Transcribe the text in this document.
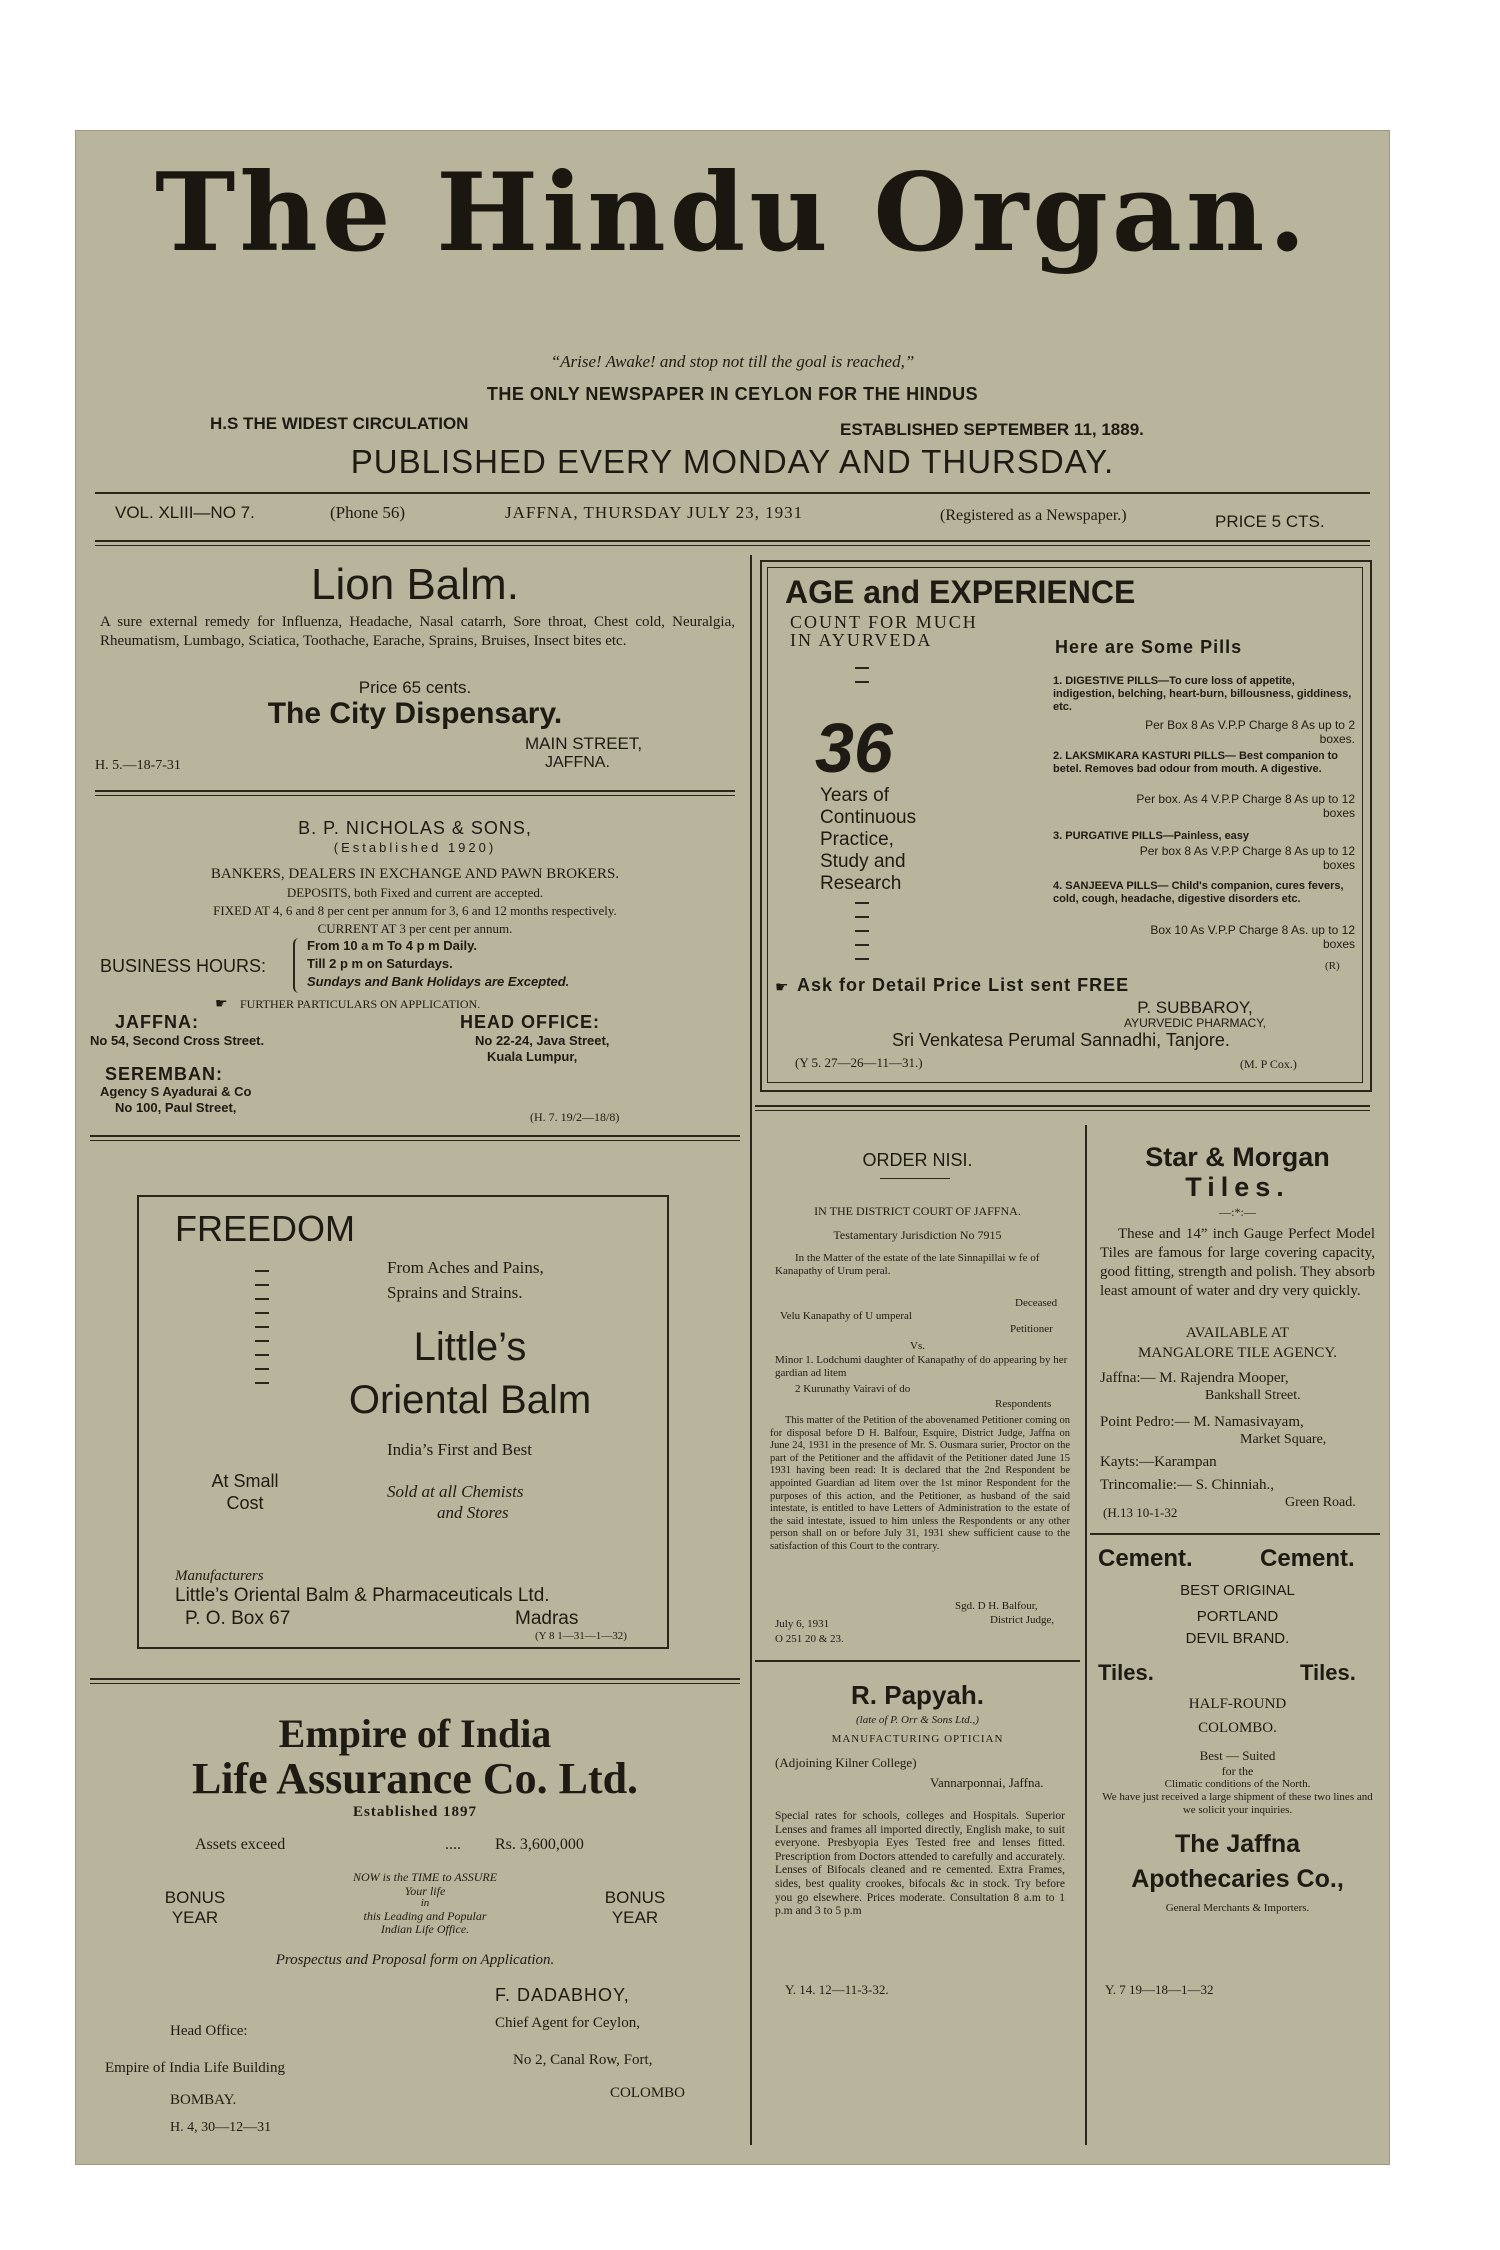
The Hindu Organ.
“Arise! Awake! and stop not till the goal is reached,”
THE ONLY NEWSPAPER IN CEYLON FOR THE HINDUS
H.S THE WIDEST CIRCULATION	ESTABLISHED SEPTEMBER 11, 1889.
PUBLISHED EVERY MONDAY AND THURSDAY.
VOL. XLIII—NO 7.	(Phone 56)	JAFFNA, THURSDAY JULY 23, 1931	(Registered as a Newspaper.)	PRICE 5 CTS.
Lion Balm.
A sure external remedy for Influenza, Headache, Nasal catarrh, Sore throat, Chest cold, Neuralgia, Rheumatism, Lumbago, Sciatica, Toothache, Earache, Sprains, Bruises, Insect bites etc.
Price 65 cents.
The City Dispensary.
MAIN STREET,
JAFFNA.
H. 5.—18-7-31
B. P. NICHOLAS & SONS,
(Established 1920)
BANKERS, DEALERS IN EXCHANGE AND PAWN BROKERS.
DEPOSITS, both Fixed and current are accepted.
FIXED AT 4, 6 and 8 per cent per annum for 3, 6 and 12 months respectively.
CURRENT AT 3 per cent per annum.
BUSINESS HOURS:
From 10 a m To 4 p m Daily.
Till 2 p m on Saturdays.
Sundays and Bank Holidays are Excepted.
☛ FURTHER PARTICULARS ON APPLICATION.
JAFFNA:
No 54, Second Cross Street.
HEAD OFFICE:
No 22-24, Java Street,
Kuala Lumpur,
SEREMBAN:
Agency S Ayadurai & Co
No 100, Paul Street,
(H. 7. 19/2—18/8)
AGE and EXPERIENCE
COUNT FOR MUCH
IN AYURVEDA
36
Years of Continuous Practice, Study and Research
Here are Some Pills
1. DIGESTIVE PILLS—To cure loss of appetite, indigestion, belching, heart-burn, billousness, giddiness, etc.
Per Box 8 As V.P.P Charge 8 As up to 2 boxes.
2. LAKSMIKARA KASTURI PILLS— Best companion to betel. Removes bad odour from mouth. A digestive.
Per box. As 4 V.P.P Charge 8 As up to 12 boxes
3. PURGATIVE PILLS—Painless, easy
Per box 8 As V.P.P Charge 8 As up to 12 boxes
4. SANJEEVA PILLS— Child's companion, cures fevers, cold, cough, headache, digestive disorders etc.
Box 10 As V.P.P Charge 8 As. up to 12 boxes
(R)
☛ Ask for Detail Price List sent FREE
P. SUBBAROY,
AYURVEDIC PHARMACY,
Sri Venkatesa Perumal Sannadhi, Tanjore.
(Y 5. 27—26—11—31.)	(M. P Cox.)
FREEDOM
From Aches and Pains,
Sprains and Strains.
Little’s
Oriental Balm
India’s First and Best
At Small Cost
Sold at all Chemists
and Stores
Manufacturers
Little’s Oriental Balm & Pharmaceuticals Ltd.
P. O. Box 67	Madras
(Y 8 1—31—1—32)
Empire of India
Life Assurance Co. Ltd.
Established 1897
Assets exceed	.... Rs. 3,600,000
BONUS
YEAR
BONUS
YEAR
NOW is the TIME to ASSURE
Your life
in
this Leading and Popular
Indian Life Office.
Prospectus and Proposal form on Application.
F. DADABHOY,
Chief Agent for Ceylon,
Head Office:
Empire of India Life Building	No 2, Canal Row, Fort,
BOMBAY.	COLOMBO
H. 4, 30—12—31
ORDER NISI.
IN THE DISTRICT COURT OF JAFFNA.
Testamentary Jurisdiction No 7915
In the Matter of the estate of the late Sinnapillai w fe of Kanapathy of Urum peral.
Deceased
Velu Kanapathy of U umperal
Petitioner
Vs.
Minor 1. Lodchumi daughter of Kanapathy of do appearing by her gardian ad litem
2 Kurunathy Vairavi of do
Respondents
This matter of the Petition of the abovenamed Petitioner coming on for disposal before D H. Balfour, Esquire, District Judge, Jaffna on June 24, 1931 in the presence of Mr. S. Ousmara surier, Proctor on the part of the Petitioner and the affidavit of the Petitioner dated June 15 1931 having been read: It is declared that the 2nd Respondent be appointed Guardian ad litem over the 1st minor Respondent for the purposes of this action, and the Petitioner, as husband of the said intestate, is entitled to have Letters of Administration to the estate of the said intestate, issued to him unless the Respondents or any other person shall on or before July 31, 1931 shew sufficient cause to the satisfaction of this Court to the contrary.
Sgd. D H. Balfour,
District Judge,
July 6, 1931
O 251 20 & 23.
R. Papyah.
(late of P. Orr & Sons Ltd.,)
MANUFACTURING OPTICIAN
(Adjoining Kilner College)
Vannarponnai, Jaffna.
Special rates for schools, colleges and Hospitals. Superior Lenses and frames all imported directly, English make, to suit everyone. Presbyopia Eyes Tested free and lenses fitted. Prescription from Doctors attended to carefully and accurately. Lenses of Bifocals cleaned and re cemented. Extra Frames, sides, best quality crookes, bifocals &c in stock. Try before you go elsewhere. Prices moderate. Consultation 8 a.m to 1 p.m and 3 to 5 p.m
Y. 14. 12—11-3-32.
Star & Morgan
Tiles.
—:*:—
These and 14” inch Gauge Perfect Model Tiles are famous for large covering capacity, good fitting, strength and polish. They absorb least amount of water and dry very quickly.
AVAILABLE AT
MANGALORE TILE AGENCY.
Jaffna:— M. Rajendra Mooper,
Bankshall Street.
Point Pedro:— M. Namasivayam,
Market Square,
Kayts:—Karampan
Trincomalie:— S. Chinniah.,
Green Road.
(H.13 10-1-32
Cement.	Cement.
BEST ORIGINAL
PORTLAND
DEVIL BRAND.
Tiles.	Tiles.
HALF-ROUND
COLOMBO.
Best — Suited
for the
Climatic conditions of the North.
We have just received a large shipment of these two lines and we solicit your inquiries.
The Jaffna
Apothecaries Co.,
General Merchants & Importers.
Y. 7 19—18—1—32
